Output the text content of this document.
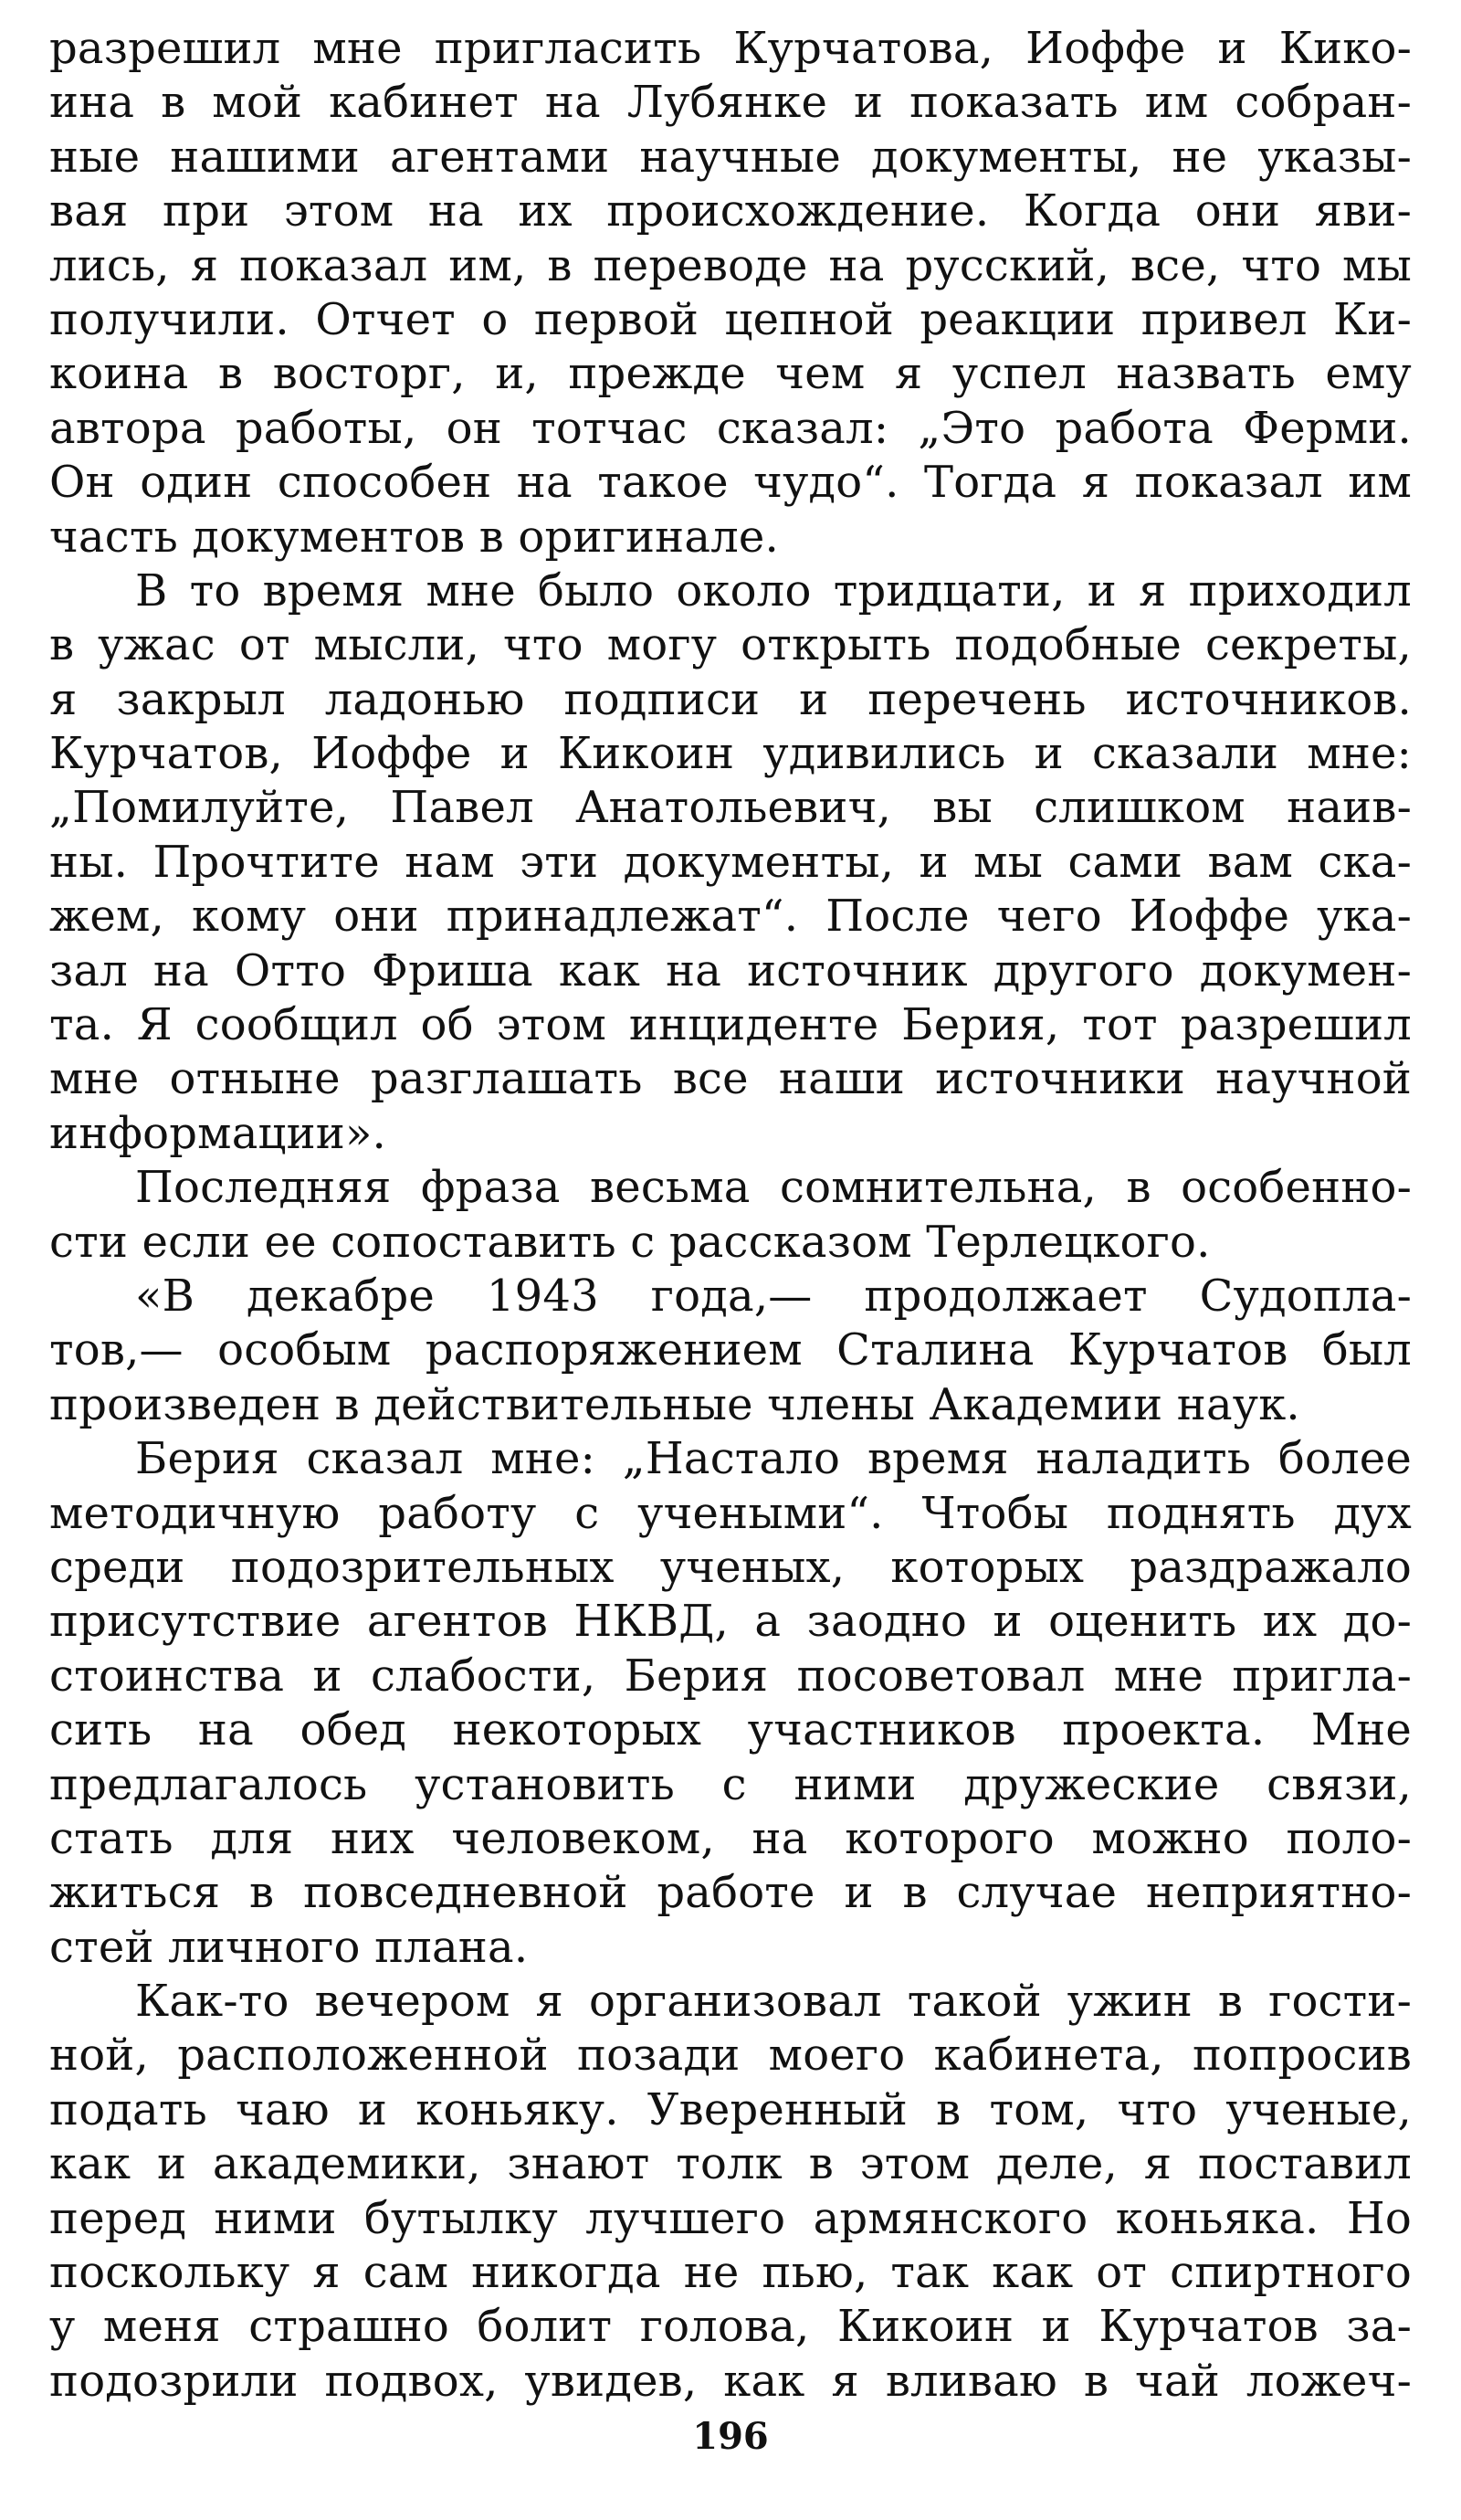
разрешил мне пригласить Курчатова, Иоффе и Кико-
ина в мой кабинет на Лубянке и показать им собран-
ные нашими агентами научные документы, не указы-
вая при этом на их происхождение. Когда они яви-
лись, я показал им, в переводе на русский, все, что мы
получили. Отчет о первой цепной реакции привел Ки-
коина в восторг, и, прежде чем я успел назвать ему
автора работы, он тотчас сказал: „Это работа Ферми.
Он один способен на такое чудо“. Тогда я показал им
часть документов в оригинале.
В то время мне было около тридцати, и я приходил
в ужас от мысли, что могу открыть подобные секреты,
я закрыл ладонью подписи и перечень источников.
Курчатов, Иоффе и Кикоин удивились и сказали мне:
„Помилуйте, Павел Анатольевич, вы слишком наив-
ны. Прочтите нам эти документы, и мы сами вам ска-
жем, кому они принадлежат“. После чего Иоффе ука-
зал на Отто Фриша как на источник другого докумен-
та. Я сообщил об этом инциденте Берия, тот разрешил
мне отныне разглашать все наши источники научной
информации».
Последняя фраза весьма сомнительна, в особенно-
сти если ее сопоставить с рассказом Терлецкого.
«В декабре 1943 года,— продолжает Судопла-
тов,— особым распоряжением Сталина Курчатов был
произведен в действительные члены Академии наук.
Берия сказал мне: „Настало время наладить более
методичную работу с учеными“. Чтобы поднять дух
среди подозрительных ученых, которых раздражало
присутствие агентов НКВД, а заодно и оценить их до-
стоинства и слабости, Берия посоветовал мне пригла-
сить на обед некоторых участников проекта. Мне
предлагалось установить с ними дружеские связи,
стать для них человеком, на которого можно поло-
житься в повседневной работе и в случае неприятно-
стей личного плана.
Как-то вечером я организовал такой ужин в гости-
ной, расположенной позади моего кабинета, попросив
подать чаю и коньяку. Уверенный в том, что ученые,
как и академики, знают толк в этом деле, я поставил
перед ними бутылку лучшего армянского коньяка. Но
поскольку я сам никогда не пью, так как от спиртного
у меня страшно болит голова, Кикоин и Курчатов за-
подозрили подвох, увидев, как я вливаю в чай ложеч-
196
